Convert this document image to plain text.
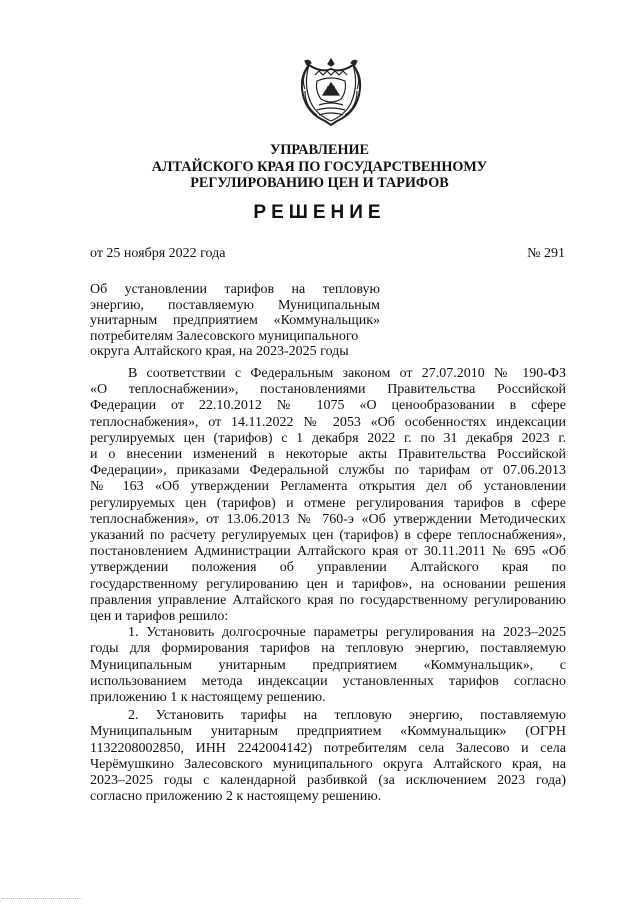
УПРАВЛЕНИЕ
АЛТАЙСКОГО КРАЯ ПО ГОСУДАРСТВЕННОМУ
РЕГУЛИРОВАНИЮ ЦЕН И ТАРИФОВ
РЕШЕНИЕ
от 25 ноября 2022 года	№ 291
Об установлении тарифов на тепловую
энергию, поставляемую Муниципальным
унитарным предприятием «Коммунальщик»
потребителям Залесовского муниципального
округа Алтайского края, на 2023-2025 годы
В соответствии с Федеральным законом от 27.07.2010 № 190-ФЗ
«О теплоснабжении», постановлениями Правительства Российской
Федерации от 22.10.2012 № 1075 «О ценообразовании в сфере
теплоснабжения», от 14.11.2022 № 2053 «Об особенностях индексации
регулируемых цен (тарифов) с 1 декабря 2022 г. по 31 декабря 2023 г.
и о внесении изменений в некоторые акты Правительства Российской
Федерации», приказами Федеральной службы по тарифам от 07.06.2013
№ 163 «Об утверждении Регламента открытия дел об установлении
регулируемых цен (тарифов) и отмене регулирования тарифов в сфере
теплоснабжения», от 13.06.2013 № 760-э «Об утверждении Методических
указаний по расчету регулируемых цен (тарифов) в сфере теплоснабжения»,
постановлением Администрации Алтайского края от 30.11.2011 № 695 «Об
утверждении положения об управлении Алтайского края по
государственному регулированию цен и тарифов», на основании решения
правления управление Алтайского края по государственному регулированию
цен и тарифов решило:
1. Установить долгосрочные параметры регулирования на 2023–2025
годы для формирования тарифов на тепловую энергию, поставляемую
Муниципальным унитарным предприятием «Коммунальщик», с
использованием метода индексации установленных тарифов согласно
приложению 1 к настоящему решению.
2. Установить тарифы на тепловую энергию, поставляемую
Муниципальным унитарным предприятием «Коммунальщик» (ОГРН
1132208002850, ИНН 2242004142) потребителям села Залесово и села
Черёмушкино Залесовского муниципального округа Алтайского края, на
2023–2025 годы с календарной разбивкой (за исключением 2023 года)
согласно приложению 2 к настоящему решению.
